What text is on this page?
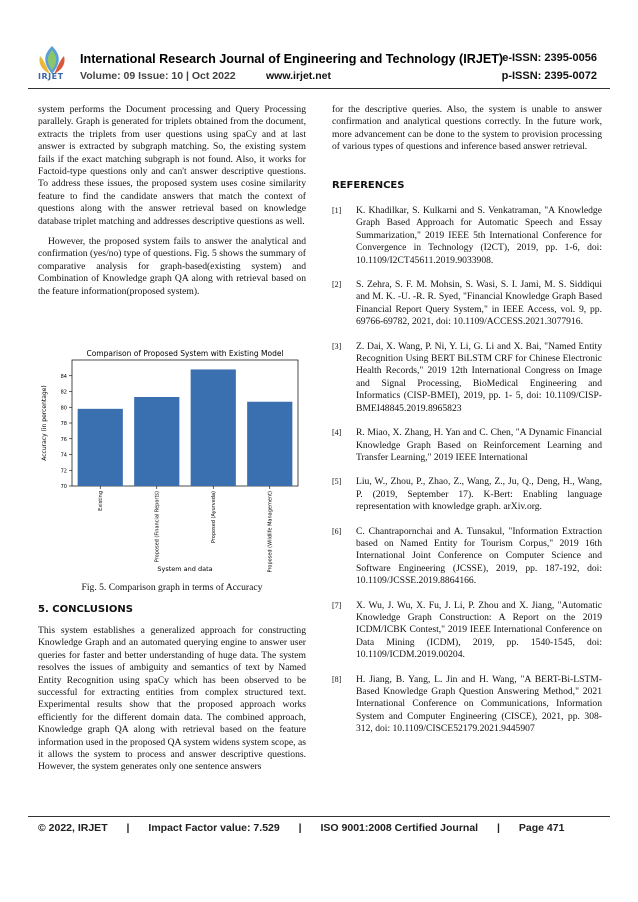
IRJET
International Research Journal of Engineering and Technology (IRJET) e-ISSN: 2395-0056
Volume: 09 Issue: 10 | Oct 2022	www.irjet.net	p-ISSN: 2395-0072

system performs the Document processing and Query Processing parallely. Graph is generated for triplets obtained from the document, extracts the triplets from user questions using spaCy and at last answer is extracted by subgraph matching. So, the existing system fails if the exact matching subgraph is not found. Also, it works for Factoid-type questions only and can't answer descriptive questions. To address these issues, the proposed system uses cosine similarity feature to find the candidate answers that match the context of questions along with the answer retrieval based on knowledge database triplet matching and addresses descriptive questions as well.

However, the proposed system fails to answer the analytical and confirmation (yes/no) type of questions. Fig. 5 shows the summary of comparative analysis for graph-based(existing system) and Combination of Knowledge graph QA along with retrieval based on the feature information(proposed system).

Comparison of Proposed System with Existing Model
70
72
74
76
78
80
82
84
Existing	Proposed (Financial Reports)	Proposed (Ayurveda)	Proposed (Wildlife Management)
System and data
Accuracy (in percentage)
Fig. 5. Comparison graph in terms of Accuracy
5. CONCLUSIONS
This system establishes a generalized approach for constructing Knowledge Graph and an automated querying engine to answer user queries for faster and better understanding of huge data. The system resolves the issues of ambiguity and semantics of text by Named Entity Recognition using spaCy which has been observed to be successful for extracting entities from complex structured text. Experimental results show that the proposed approach works efficiently for the different domain data. The combined approach, Knowledge graph QA along with retrieval based on the feature information used in the proposed QA system widens system scope, as it allows the system to process and answer descriptive questions. However, the system generates only one sentence answers

for the descriptive queries. Also, the system is unable to answer confirmation and analytical questions correctly. In the future work, more advancement can be done to the system to provision processing of various types of questions and inference based answer retrieval.

REFERENCES
[1] K. Khadilkar, S. Kulkarni and S. Venkatraman, "A Knowledge Graph Based Approach for Automatic Speech and Essay Summarization," 2019 IEEE 5th International Conference for Convergence in Technology (I2CT), 2019, pp. 1-6, doi: 10.1109/I2CT45611.2019.9033908.
[2] S. Zehra, S. F. M. Mohsin, S. Wasi, S. I. Jami, M. S. Siddiqui and M. K. -U. -R. R. Syed, "Financial Knowledge Graph Based Financial Report Query System," in IEEE Access, vol. 9, pp. 69766-69782, 2021, doi: 10.1109/ACCESS.2021.3077916.
[3] Z. Dai, X. Wang, P. Ni, Y. Li, G. Li and X. Bai, "Named Entity Recognition Using BERT BiLSTM CRF for Chinese Electronic Health Records," 2019 12th International Congress on Image and Signal Processing, BioMedical Engineering and Informatics (CISP-BMEI), 2019, pp. 1- 5, doi: 10.1109/CISP-BMEI48845.2019.8965823
[4] R. Miao, X. Zhang, H. Yan and C. Chen, "A Dynamic Financial Knowledge Graph Based on Reinforcement Learning and Transfer Learning," 2019 IEEE International
[5] Liu, W., Zhou, P., Zhao, Z., Wang, Z., Ju, Q., Deng, H., Wang, P. (2019, September 17). K-Bert: Enabling language representation with knowledge graph. arXiv.org.
[6] C. Chantrapornchai and A. Tunsakul, "Information Extraction based on Named Entity for Tourism Corpus," 2019 16th International Joint Conference on Computer Science and Software Engineering (JCSSE), 2019, pp. 187-192, doi: 10.1109/JCSSE.2019.8864166.
[7] X. Wu, J. Wu, X. Fu, J. Li, P. Zhou and X. Jiang, "Automatic Knowledge Graph Construction: A Report on the 2019 ICDM/ICBK Contest," 2019 IEEE International Conference on Data Mining (ICDM), 2019, pp. 1540-1545, doi: 10.1109/ICDM.2019.00204.
[8] H. Jiang, B. Yang, L. Jin and H. Wang, "A BERT-Bi-LSTM-Based Knowledge Graph Question Answering Method," 2021 International Conference on Communications, Information System and Computer Engineering (CISCE), 2021, pp. 308-312, doi: 10.1109/CISCE52179.2021.9445907
© 2022, IRJET | Impact Factor value: 7.529 | ISO 9001:2008 Certified Journal | Page 471
